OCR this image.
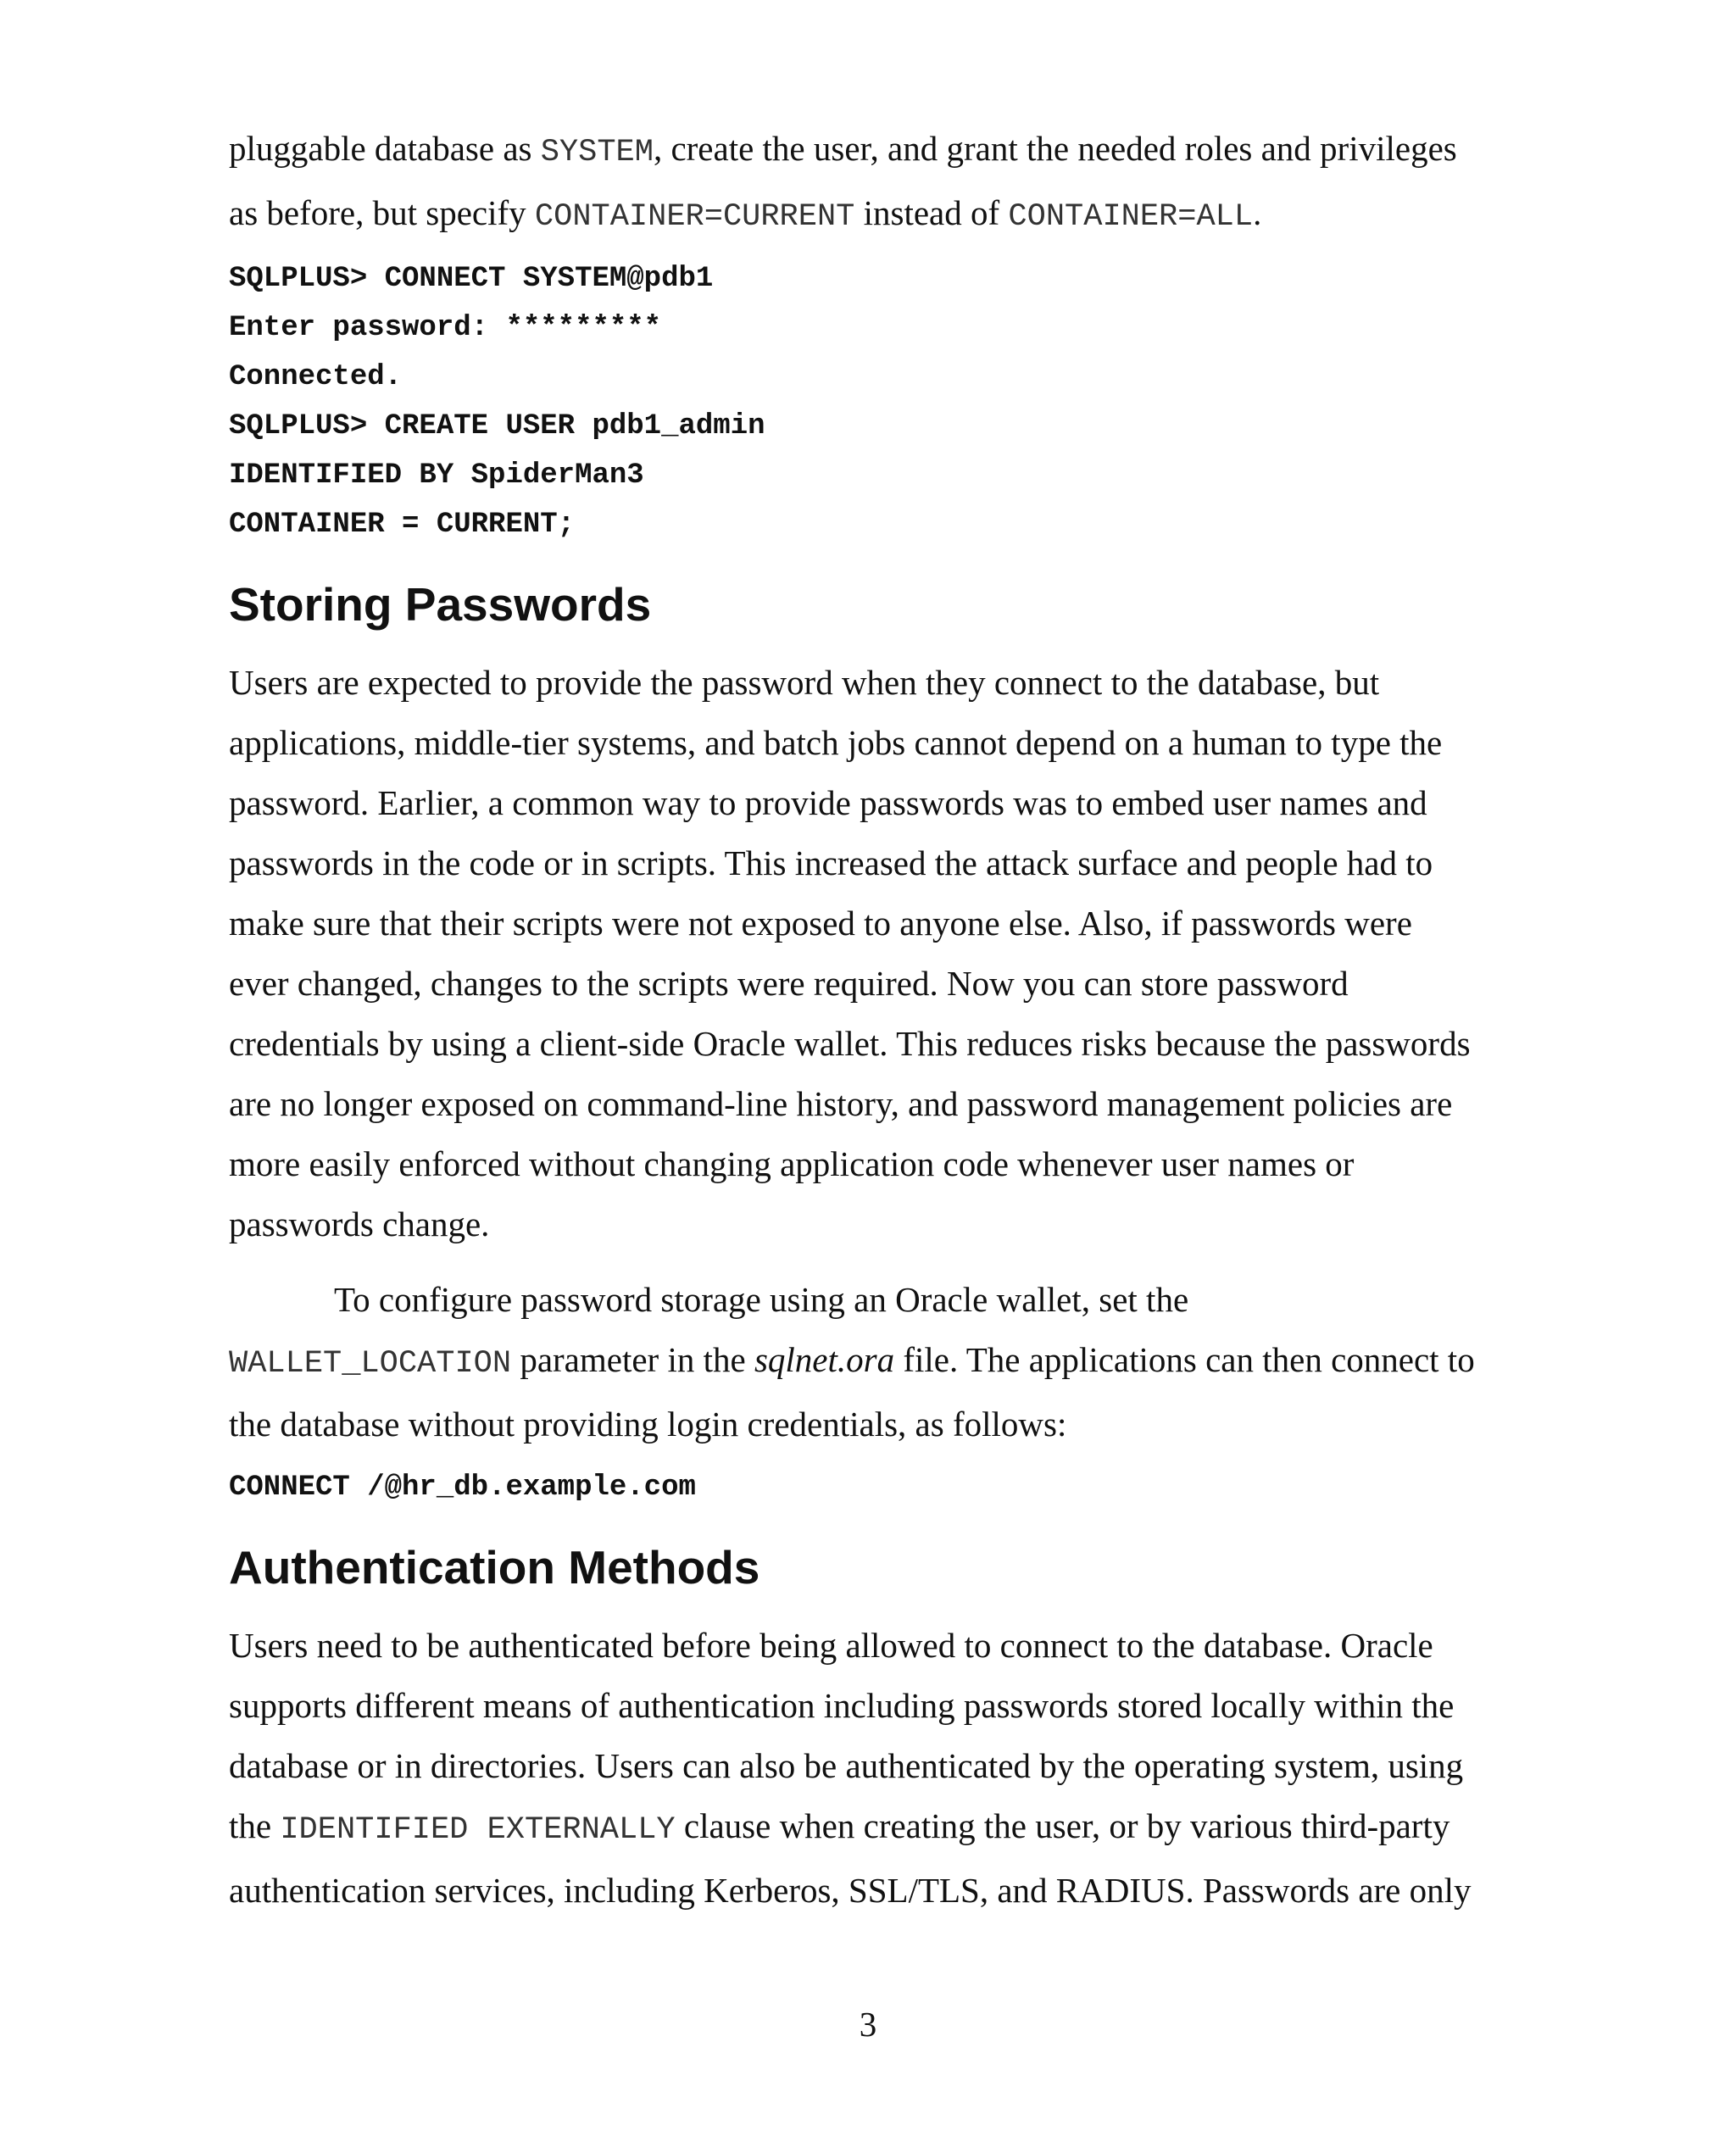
pluggable database as SYSTEM, create the user, and grant the needed roles and privileges
as before, but specify CONTAINER=CURRENT instead of CONTAINER=ALL.
SQLPLUS> CONNECT SYSTEM@pdb1
Enter password: *********
Connected.
SQLPLUS> CREATE USER pdb1_admin
IDENTIFIED BY SpiderMan3
CONTAINER = CURRENT;
Storing Passwords
Users are expected to provide the password when they connect to the database, but
applications, middle-tier systems, and batch jobs cannot depend on a human to type the
password. Earlier, a common way to provide passwords was to embed user names and
passwords in the code or in scripts. This increased the attack surface and people had to
make sure that their scripts were not exposed to anyone else. Also, if passwords were
ever changed, changes to the scripts were required. Now you can store password
credentials by using a client-side Oracle wallet. This reduces risks because the passwords
are no longer exposed on command-line history, and password management policies are
more easily enforced without changing application code whenever user names or
passwords change.
To configure password storage using an Oracle wallet, set the
WALLET_LOCATION parameter in the sqlnet.ora file. The applications can then connect to
the database without providing login credentials, as follows:
CONNECT /@hr_db.example.com
Authentication Methods
Users need to be authenticated before being allowed to connect to the database. Oracle
supports different means of authentication including passwords stored locally within the
database or in directories. Users can also be authenticated by the operating system, using
the IDENTIFIED EXTERNALLY clause when creating the user, or by various third-party
authentication services, including Kerberos, SSL/TLS, and RADIUS. Passwords are only
3
